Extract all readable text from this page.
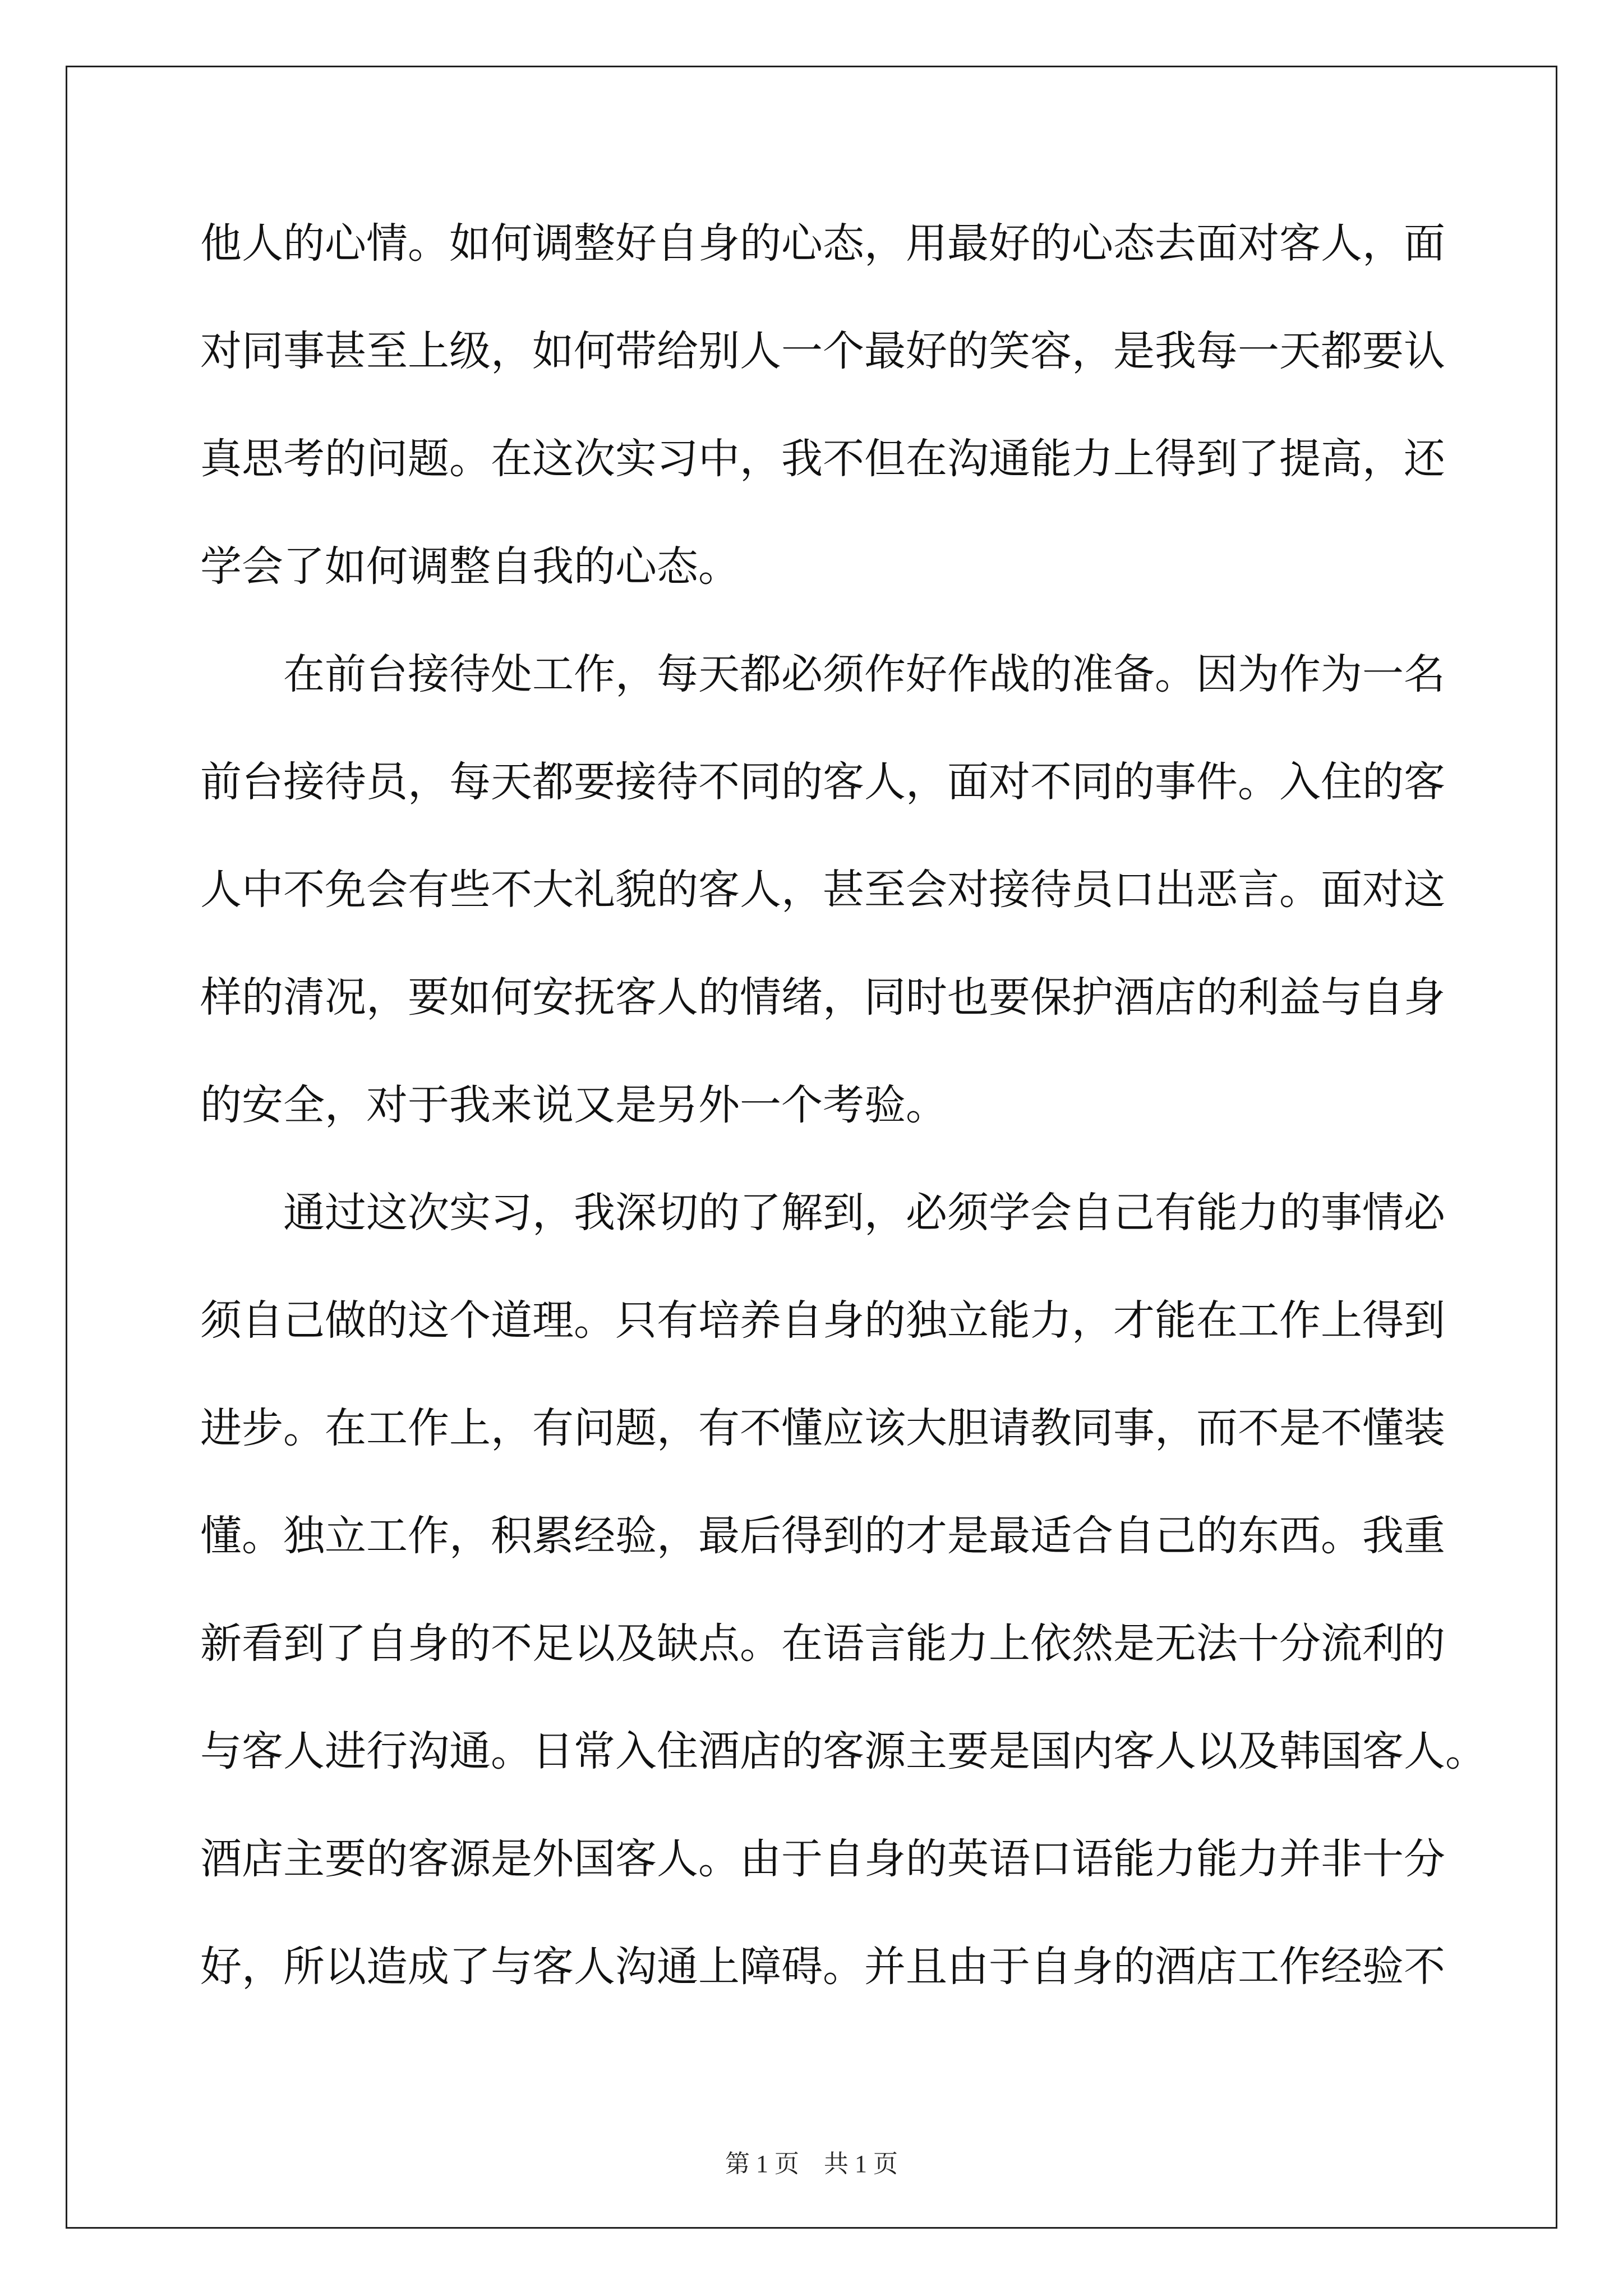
他人的心情。如何调整好自身的心态，用最好的心态去面对客人，面
对同事甚至上级，如何带给别人一个最好的笑容，是我每一天都要认
真思考的问题。在这次实习中，我不但在沟通能力上得到了提高，还
学会了如何调整自我的心态。
在前台接待处工作，每天都必须作好作战的准备。因为作为一名
前台接待员，每天都要接待不同的客人，面对不同的事件。入住的客
人中不免会有些不大礼貌的客人，甚至会对接待员口出恶言。面对这
样的清况，要如何安抚客人的情绪，同时也要保护酒店的利益与自身
的安全，对于我来说又是另外一个考验。
通过这次实习，我深切的了解到，必须学会自己有能力的事情必
须自己做的这个道理。只有培养自身的独立能力，才能在工作上得到
进步。在工作上，有问题，有不懂应该大胆请教同事，而不是不懂装
懂。独立工作，积累经验，最后得到的才是最适合自己的东西。我重
新看到了自身的不足以及缺点。在语言能力上依然是无法十分流利的
与客人进行沟通。日常入住酒店的客源主要是国内客人以及韩国客人。
酒店主要的客源是外国客人。由于自身的英语口语能力能力并非十分
好，所以造成了与客人沟通上障碍。并且由于自身的酒店工作经验不
第 1 页　共 1 页
